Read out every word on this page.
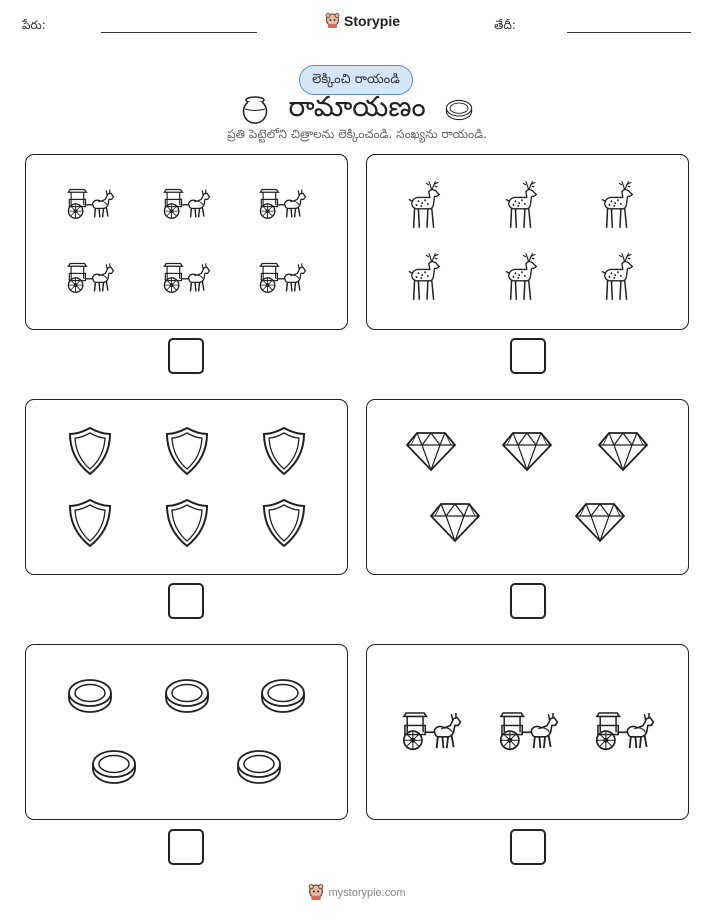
పేరు:	Storypie	తేదీ:
లెక్కించి రాయండి
రామాయణం
ప్రతి పెట్టెలోని చిత్రాలను లెక్కించండి. సంఖ్యను రాయండి.
mystorypie.com
